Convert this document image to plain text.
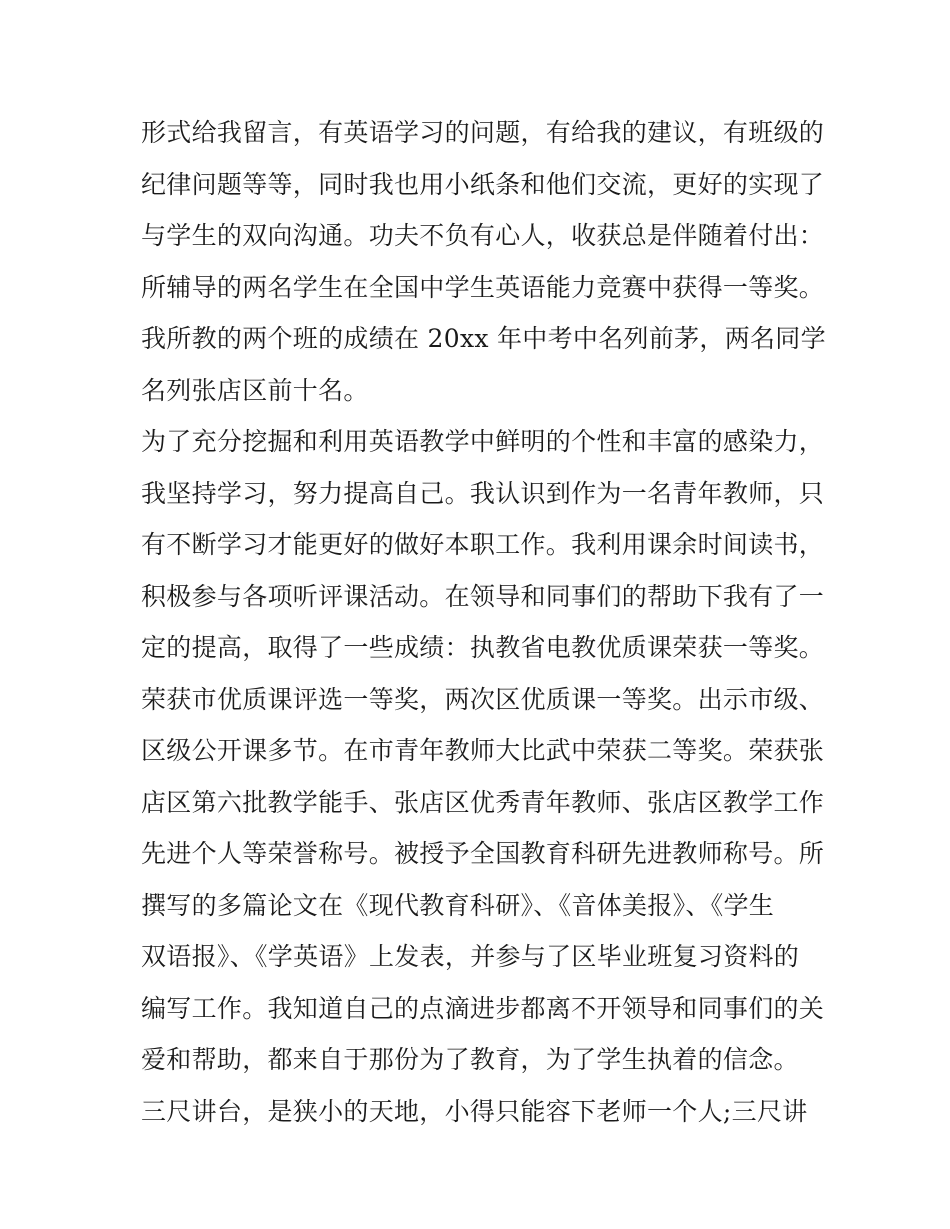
形式给我留言，有英语学习的问题，有给我的建议，有班级的
纪律问题等等，同时我也用小纸条和他们交流，更好的实现了
与学生的双向沟通。功夫不负有心人，收获总是伴随着付出：
所辅导的两名学生在全国中学生英语能力竞赛中获得一等奖。
我所教的两个班的成绩在 20xx 年中考中名列前茅，两名同学
名列张店区前十名。
为了充分挖掘和利用英语教学中鲜明的个性和丰富的感染力，
我坚持学习，努力提高自己。我认识到作为一名青年教师，只
有不断学习才能更好的做好本职工作。我利用课余时间读书，
积极参与各项听评课活动。在领导和同事们的帮助下我有了一
定的提高，取得了一些成绩：执教省电教优质课荣获一等奖。
荣获市优质课评选一等奖，两次区优质课一等奖。出示市级、
区级公开课多节。在市青年教师大比武中荣获二等奖。荣获张
店区第六批教学能手、张店区优秀青年教师、张店区教学工作
先进个人等荣誉称号。被授予全国教育科研先进教师称号。所
撰写的多篇论文在《现代教育科研》、《音体美报》、《学生
双语报》、《学英语》上发表，并参与了区毕业班复习资料的
编写工作。我知道自己的点滴进步都离不开领导和同事们的关
爱和帮助，都来自于那份为了教育，为了学生执着的信念。
三尺讲台，是狭小的天地，小得只能容下老师一个人;三尺讲
